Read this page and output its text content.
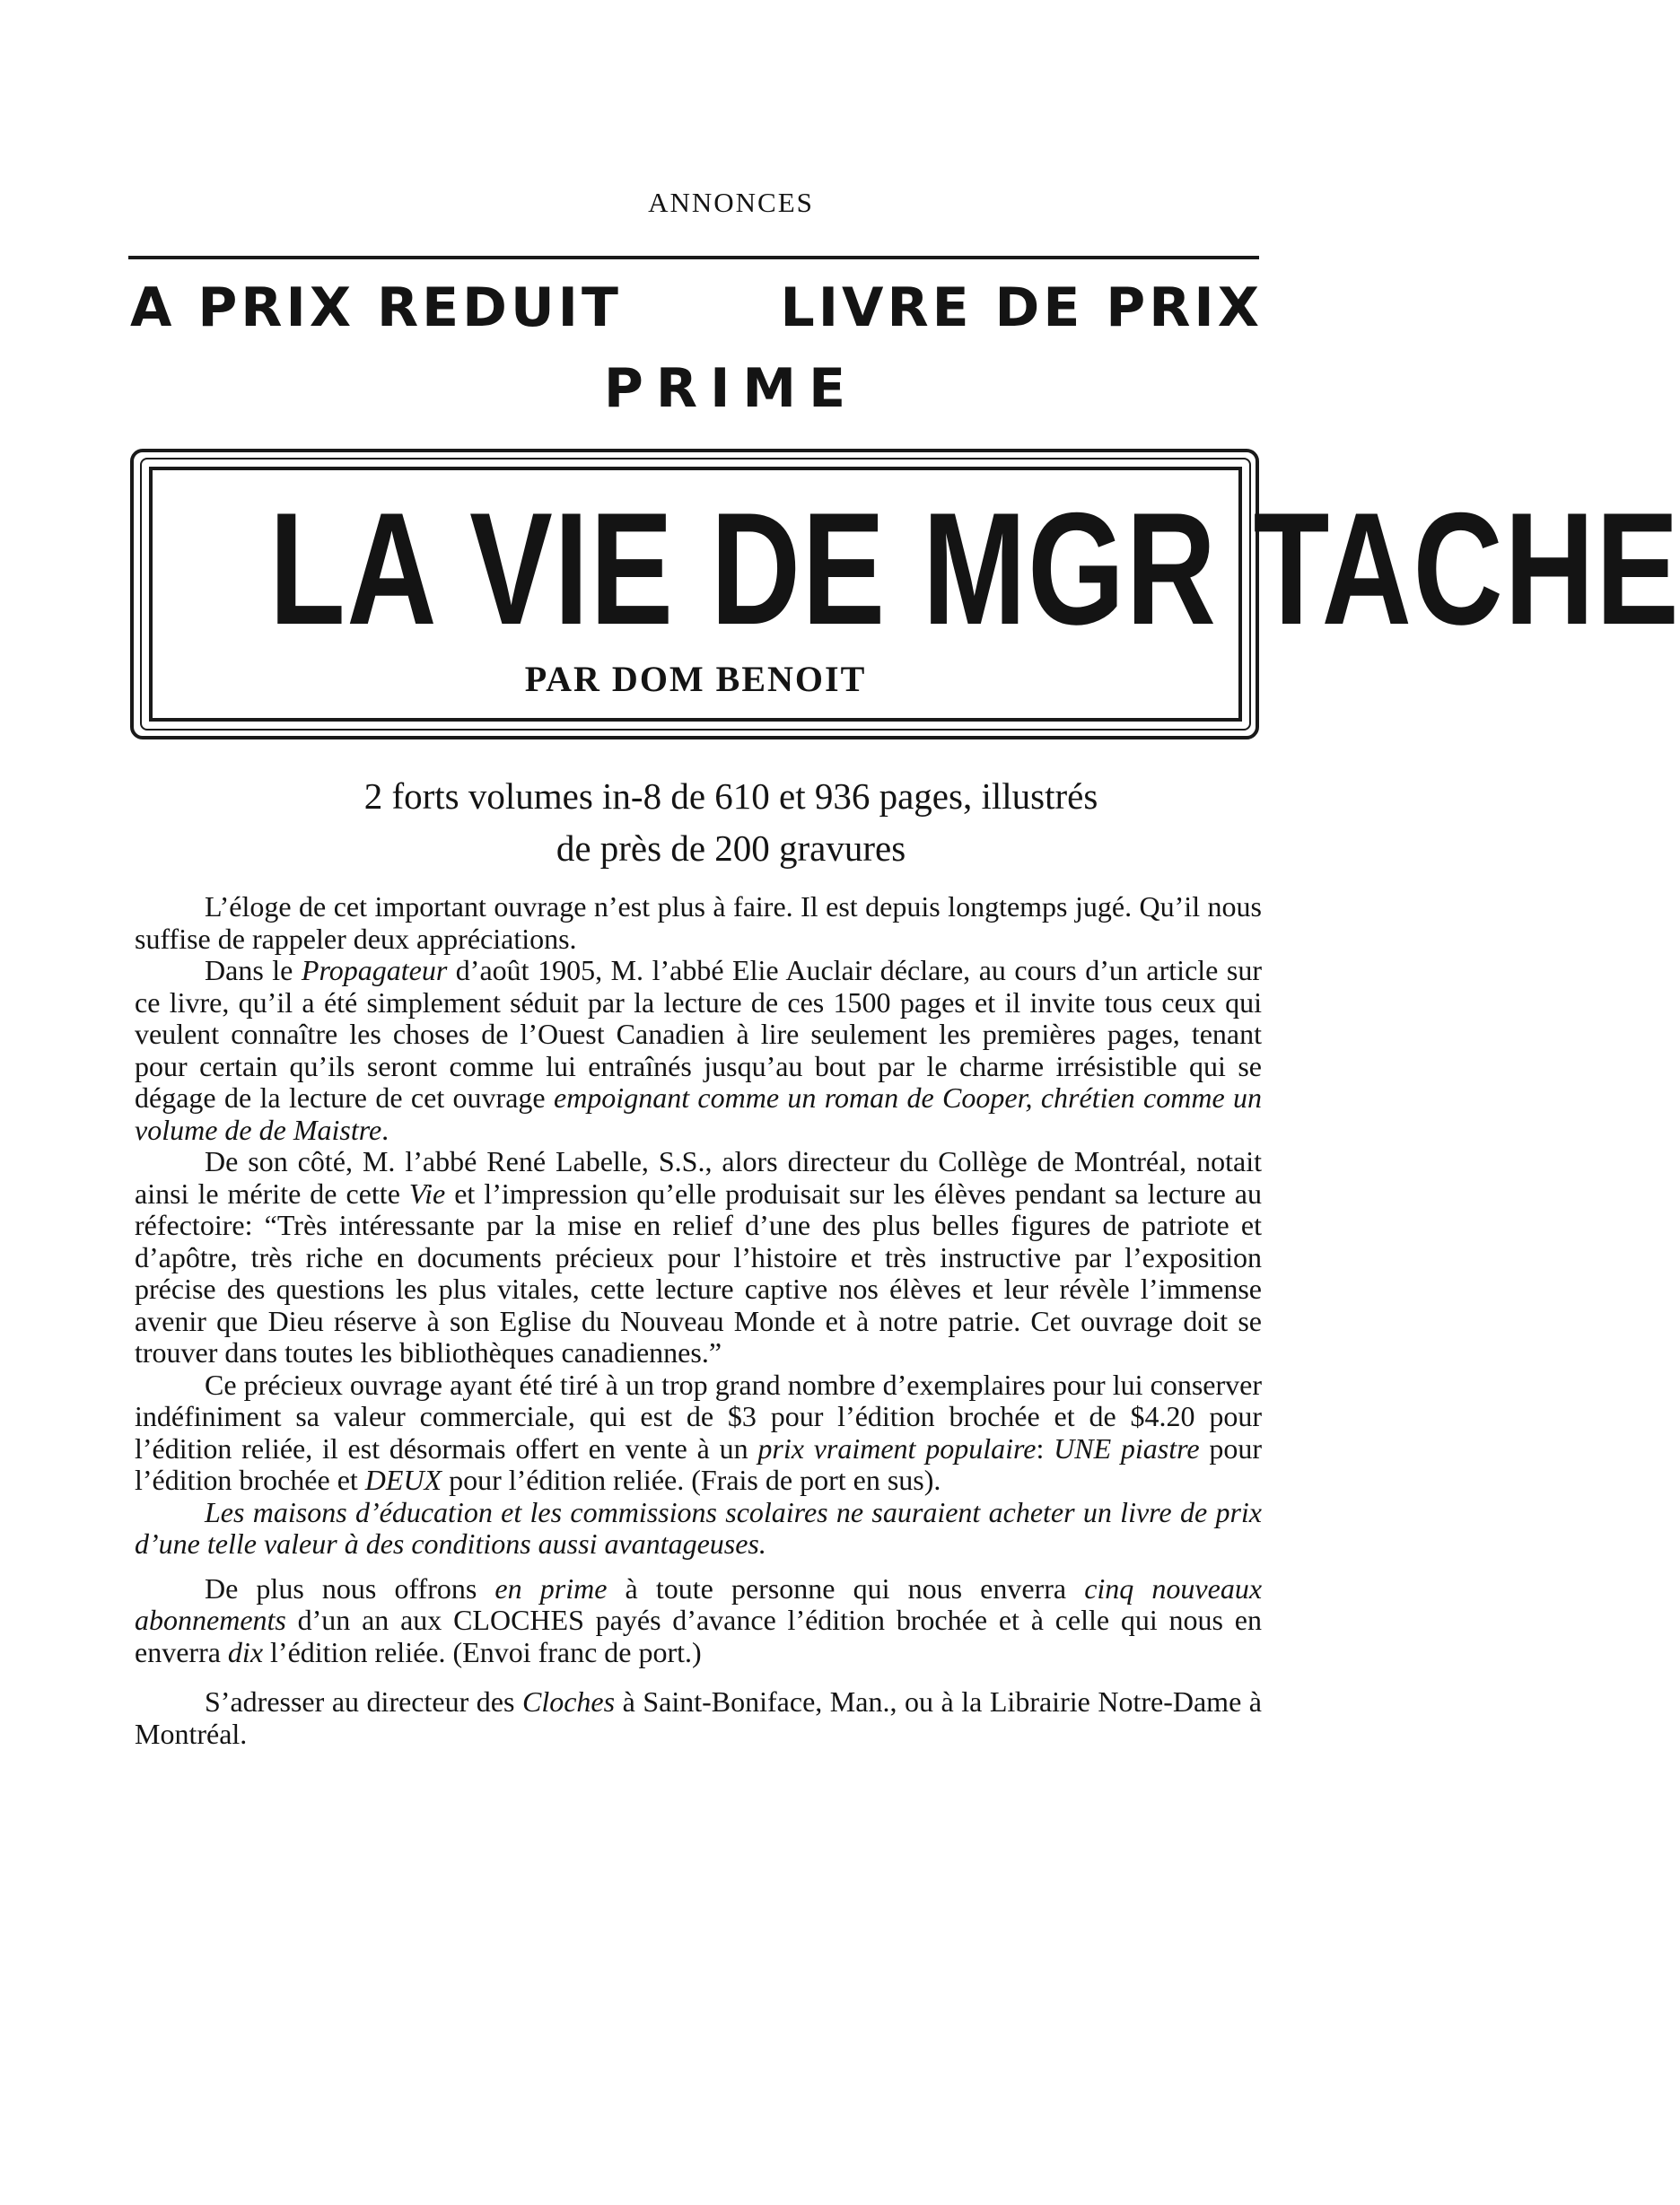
ANNONCES
A PRIX REDUIT	LIVRE DE PRIX
PRIME
LA VIE DE MGR TACHE
PAR DOM BENOIT
2 forts volumes in-8 de 610 et 936 pages, illustrés
de près de 200 gravures

L’éloge de cet important ouvrage n’est plus à faire. Il est depuis longtemps jugé. Qu’il nous suffise de rappeler deux appréciations.

Dans le Propagateur d’août 1905, M. l’abbé Elie Auclair déclare, au cours d’un article sur ce livre, qu’il a été simplement séduit par la lecture de ces 1500 pages et il invite tous ceux qui veulent connaître les choses de l’Ouest Canadien à lire seulement les premières pages, tenant pour certain qu’ils seront comme lui entraînés jusqu’au bout par le charme irrésistible qui se dégage de la lecture de cet ouvrage empoignant comme un roman de Cooper, chrétien comme un volume de de Maistre.

De son côté, M. l’abbé René Labelle, S.S., alors directeur du Collège de Montréal, notait ainsi le mérite de cette Vie et l’impression qu’elle produisait sur les élèves pendant sa lecture au réfectoire: “Très intéressante par la mise en relief d’une des plus belles figures de patriote et d’apôtre, très riche en documents précieux pour l’histoire et très instructive par l’exposition précise des questions les plus vitales, cette lecture captive nos élèves et leur révèle l’immense avenir que Dieu réserve à son Eglise du Nouveau Monde et à notre patrie. Cet ouvrage doit se trouver dans toutes les bibliothèques canadiennes.”

Ce précieux ouvrage ayant été tiré à un trop grand nombre d’exemplaires pour lui conserver indéfiniment sa valeur commerciale, qui est de $3 pour l’édition brochée et de $4.20 pour l’édition reliée, il est désormais offert en vente à un prix vraiment populaire: UNE piastre pour l’édition brochée et DEUX pour l’édition reliée. (Frais de port en sus).

Les maisons d’éducation et les commissions scolaires ne sauraient acheter un livre de prix d’une telle valeur à des conditions aussi avantageuses.

De plus nous offrons en prime à toute personne qui nous enverra cinq nouveaux abonnements d’un an aux CLOCHES payés d’avance l’édition brochée et à celle qui nous en enverra dix l’édition reliée. (Envoi franc de port.)

S’adresser au directeur des Cloches à Saint-Boniface, Man., ou à la Librairie Notre-Dame à Montréal.
